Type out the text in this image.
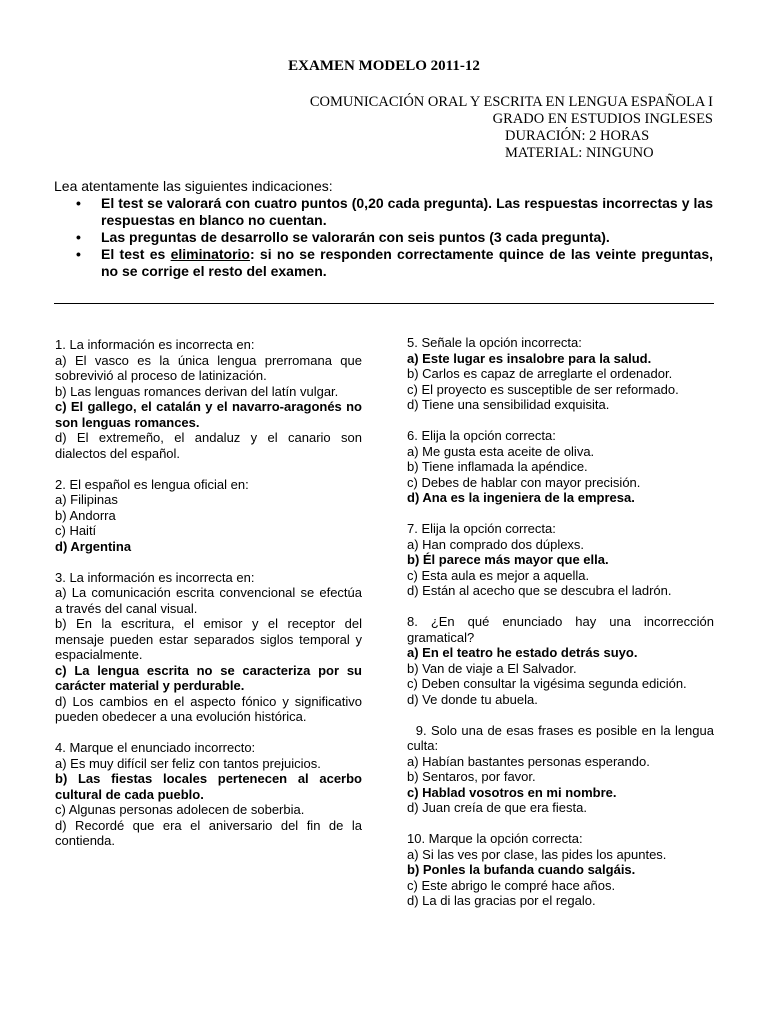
EXAMEN MODELO 2011-12
COMUNICACIÓN ORAL Y ESCRITA EN LENGUA ESPAÑOLA I
GRADO EN ESTUDIOS INGLESES
DURACIÓN: 2 HORAS
MATERIAL: NINGUNO
Lea atentamente las siguientes indicaciones:
• El test se valorará con cuatro puntos (0,20 cada pregunta). Las respuestas incorrectas y las respuestas en blanco no cuentan.
• Las preguntas de desarrollo se valorarán con seis puntos (3 cada pregunta).
• El test es eliminatorio: si no se responden correctamente quince de las veinte preguntas, no se corrige el resto del examen.
1. La información es incorrecta en:
a) El vasco es la única lengua prerromana que sobrevivió al proceso de latinización.
b) Las lenguas romances derivan del latín vulgar.
c) El gallego, el catalán y el navarro-aragonés no son lenguas romances.
d) El extremeño, el andaluz y el canario son dialectos del español.
2. El español es lengua oficial en:
a) Filipinas
b) Andorra
c) Haití
d) Argentina
3. La información es incorrecta en:
a) La comunicación escrita convencional se efectúa a través del canal visual.
b) En la escritura, el emisor y el receptor del mensaje pueden estar separados siglos temporal y espacialmente.
c) La lengua escrita no se caracteriza por su carácter material y perdurable.
d) Los cambios en el aspecto fónico y significativo pueden obedecer a una evolución histórica.
4. Marque el enunciado incorrecto:
a) Es muy difícil ser feliz con tantos prejuicios.
b) Las fiestas locales pertenecen al acerbo cultural de cada pueblo.
c) Algunas personas adolecen de soberbia.
d) Recordé que era el aniversario del fin de la contienda.
5. Señale la opción incorrecta:
a) Este lugar es insalobre para la salud.
b) Carlos es capaz de arreglarte el ordenador.
c) El proyecto es susceptible de ser reformado.
d) Tiene una sensibilidad exquisita.
6. Elija la opción correcta:
a) Me gusta esta aceite de oliva.
b) Tiene inflamada la apéndice.
c) Debes de hablar con mayor precisión.
d) Ana es la ingeniera de la empresa.
7. Elija la opción correcta:
a) Han comprado dos dúplexs.
b) Él parece más mayor que ella.
c) Esta aula es mejor a aquella.
d) Están al acecho que se descubra el ladrón.
8. ¿En qué enunciado hay una incorrección gramatical?
a) En el teatro he estado detrás suyo.
b) Van de viaje a El Salvador.
c) Deben consultar la vigésima segunda edición.
d) Ve donde tu abuela.
9. Solo una de esas frases es posible en la lengua culta:
a) Habían bastantes personas esperando.
b) Sentaros, por favor.
c) Hablad vosotros en mi nombre.
d) Juan creía de que era fiesta.
10. Marque la opción correcta:
a) Si las ves por clase, las pides los apuntes.
b) Ponles la bufanda cuando salgáis.
c) Este abrigo le compré hace años.
d) La di las gracias por el regalo.
